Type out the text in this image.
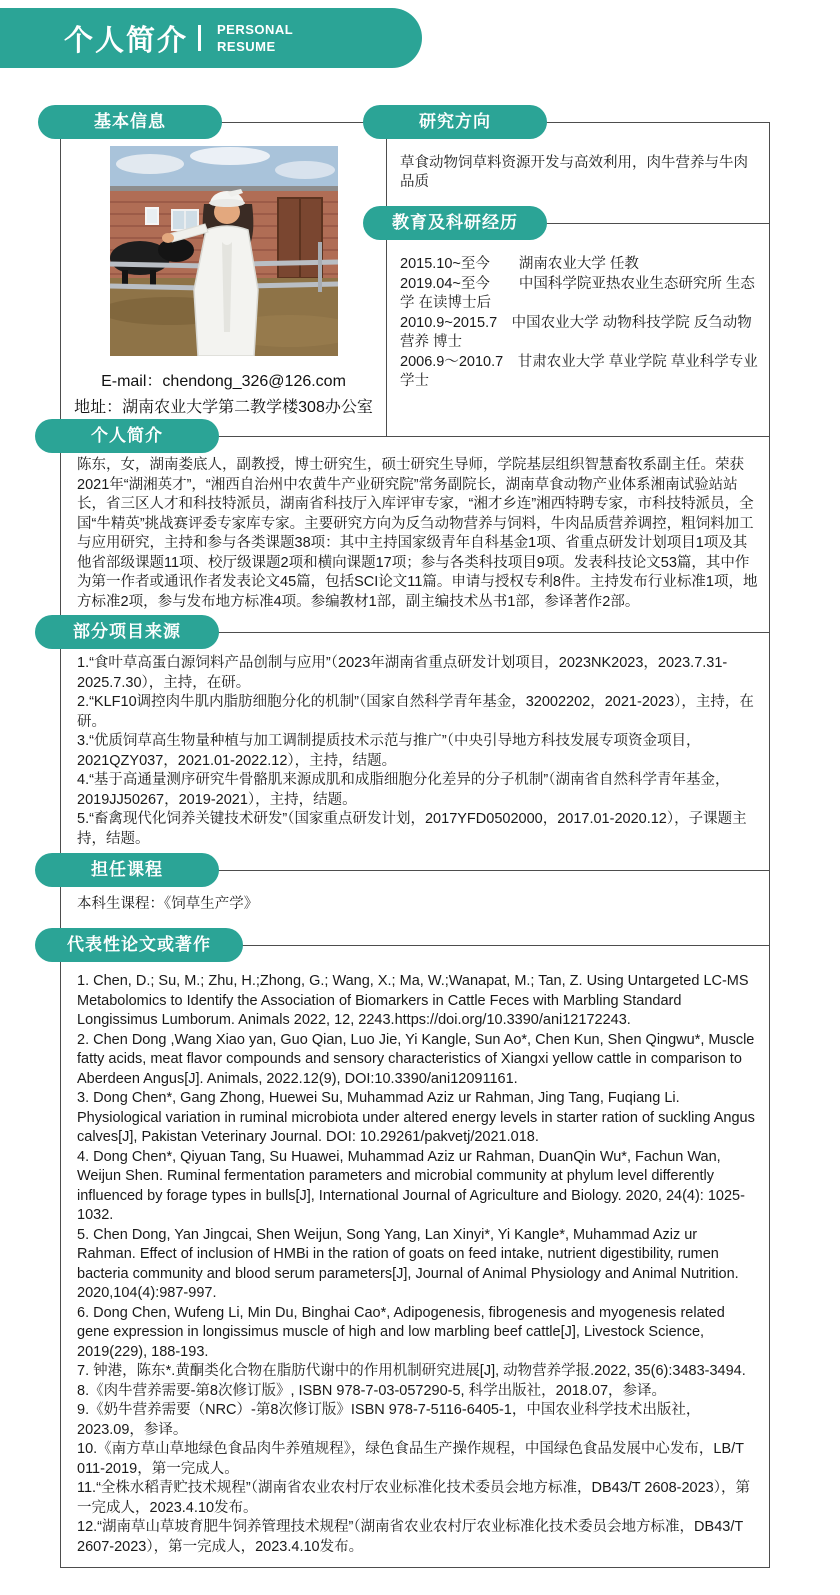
个人简介 PERSONAL
RESUME
基本信息
E-mail：chendong_326@126.com
地址：湖南农业大学第二教学楼308办公室
研究方向
草食动物饲草料资源开发与高效利用，肉牛营养与牛肉品质
教育及科研经历

2015.10~至今　　湖南农业大学 任教

2019.04~至今　　中国科学院亚热农业生态研究所 生态学 在读博士后

2010.9~2015.7　中国农业大学 动物科技学院 反刍动物营养 博士

2006.9～2010.7　甘肃农业大学 草业学院 草业科学专业 学士

个人简介
陈东，女，湖南娄底人，副教授，博士研究生，硕士研究生导师，学院基层组织智慧畜牧系副主任。荣获2021年“湖湘英才”，“湘西自治州中农黄牛产业研究院”常务副院长，湖南草食动物产业体系湘南试验站站长，省三区人才和科技特派员，湖南省科技厅入库评审专家，“湘才乡连”湘西特聘专家，市科技特派员，全国“牛精英”挑战赛评委专家库专家。主要研究方向为反刍动物营养与饲料，牛肉品质营养调控，粗饲料加工与应用研究，主持和参与各类课题38项：其中主持国家级青年自科基金1项、省重点研发计划项目1项及其他省部级课题11项、校厅级课题2项和横向课题17项；参与各类科技项目9项。发表科技论文53篇，其中作为第一作者或通讯作者发表论文45篇，包括SCI论文11篇。申请与授权专利8件。主持发布行业标准1项，地方标准2项，参与发布地方标准4项。参编教材1部，副主编技术丛书1部，参译著作2部。
部分项目来源

1.“食叶草高蛋白源饲料产品创制与应用”（2023年湖南省重点研发计划项目，2023NK2023，2023.7.31-2025.7.30），主持，在研。

2.“KLF10调控肉牛肌内脂肪细胞分化的机制”（国家自然科学青年基金，32002202，2021-2023），主持，在研。

3.“优质饲草高生物量种植与加工调制提质技术示范与推广”（中央引导地方科技发展专项资金项目，2021QZY037，2021.01-2022.12），主持，结题。

4.“基于高通量测序研究牛骨骼肌来源成肌和成脂细胞分化差异的分子机制”（湖南省自然科学青年基金，2019JJ50267，2019-2021），主持，结题。

5.“畜禽现代化饲养关键技术研发”（国家重点研发计划，2017YFD0502000，2017.01-2020.12），子课题主持，结题。

担任课程
本科生课程：《饲草生产学》
代表性论文或著作

1. Chen, D.; Su, M.; Zhu, H.;Zhong, G.; Wang, X.; Ma, W.;Wanapat, M.; Tan, Z. Using Untargeted LC-MS Metabolomics to Identify the Association of Biomarkers in Cattle Feces with Marbling Standard Longissimus Lumborum. Animals 2022, 12, 2243.https://doi.org/10.3390/ani12172243.

2. Chen Dong ,Wang Xiao yan, Guo Qian, Luo Jie, Yi Kangle, Sun Ao*, Chen Kun, Shen Qingwu*, Muscle fatty acids, meat flavor compounds and sensory characteristics of Xiangxi yellow cattle in comparison to Aberdeen Angus[J]. Animals, 2022.12(9), DOI:10.3390/ani12091161.

3. Dong Chen*, Gang Zhong, Huewei Su, Muhammad Aziz ur Rahman, Jing Tang, Fuqiang Li. Physiological variation in ruminal microbiota under altered energy levels in starter ration of suckling Angus calves[J], Pakistan Veterinary Journal. DOI: 10.29261/pakvetj/2021.018.

4. Dong Chen*, Qiyuan Tang, Su Huawei, Muhammad Aziz ur Rahman, DuanQin Wu*, Fachun Wan, Weijun Shen. Ruminal fermentation parameters and microbial community at phylum level differently influenced by forage types in bulls[J], International Journal of Agriculture and Biology. 2020, 24(4): 1025-1032.

5. Chen Dong, Yan Jingcai, Shen Weijun, Song Yang, Lan Xinyi*, Yi Kangle*, Muhammad Aziz ur Rahman. Effect of inclusion of HMBi in the ration of goats on feed intake, nutrient digestibility, rumen bacteria community and blood serum parameters[J], Journal of Animal Physiology and Animal Nutrition. 2020,104(4):987-997.

6. Dong Chen, Wufeng Li, Min Du, Binghai Cao*, Adipogenesis, fibrogenesis and myogenesis related gene expression in longissimus muscle of high and low marbling beef cattle[J], Livestock Science, 2019(229), 188-193.

7. 钟港，陈东*.黄酮类化合物在脂肪代谢中的作用机制研究进展[J], 动物营养学报.2022, 35(6):3483-3494.

8.《肉牛营养需要-第8次修订版》, ISBN 978-7-03-057290-5, 科学出版社，2018.07，参译。

9.《奶牛营养需要（NRC）-第8次修订版》ISBN 978-7-5116-6405-1，中国农业科学技术出版社，2023.09，参译。

10.《南方草山草地绿色食品肉牛养殖规程》，绿色食品生产操作规程，中国绿色食品发展中心发布，LB/T 011-2019，第一完成人。

11.“全株水稻青贮技术规程”（湖南省农业农村厅农业标准化技术委员会地方标准，DB43/T 2608-2023），第一完成人，2023.4.10发布。

12.“湖南草山草坡育肥牛饲养管理技术规程”（湖南省农业农村厅农业标准化技术委员会地方标准，DB43/T 2607-2023），第一完成人，2023.4.10发布。
